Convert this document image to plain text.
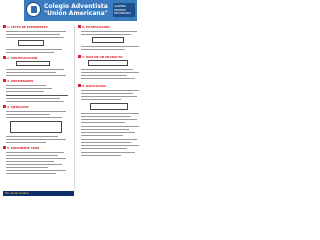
Colegio Adventista
"Unión Americana"
ÁLGEBRA
PRIMERO
SECUNDARIA
1. LEYES DE EXPONENTES
2. MULTIPLICACIÓN
3. PROPIEDADES
4. EJERCICIOS
5. EXPONENTE CERO
6. POTENCIACIÓN
7. RAÍZ DE UN PRODUCTO
8. RADICACIÓN
5to de Secundaria
